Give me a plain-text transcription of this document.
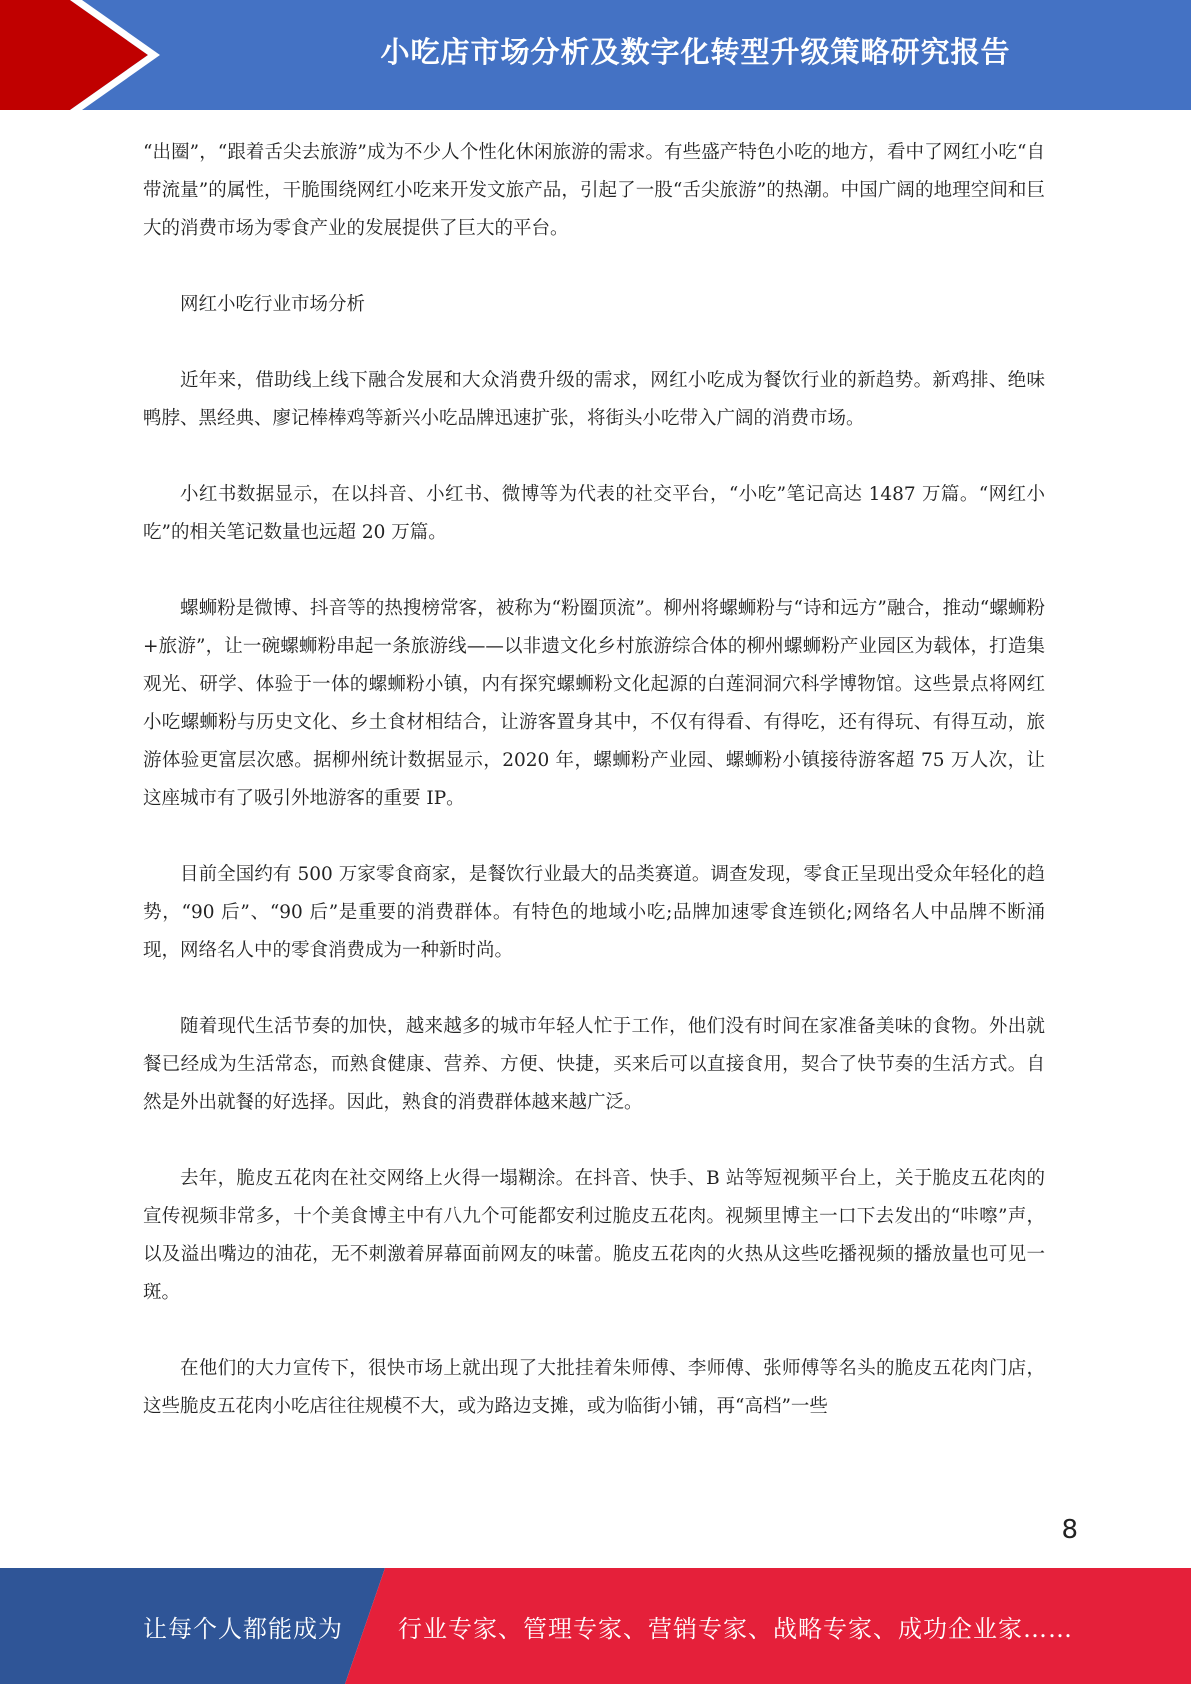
小吃店市场分析及数字化转型升级策略研究报告

“出圈”，“跟着舌尖去旅游”成为不少人个性化休闲旅游的需求。有些盛产特色小吃的地方，看中了网红小吃“自带流量”的属性，干脆围绕网红小吃来开发文旅产品，引起了一股“舌尖旅游”的热潮。中国广阔的地理空间和巨大的消费市场为零食产业的发展提供了巨大的平台。

网红小吃行业市场分析

近年来，借助线上线下融合发展和大众消费升级的需求，网红小吃成为餐饮行业的新趋势。新鸡排、绝味鸭脖、黑经典、廖记棒棒鸡等新兴小吃品牌迅速扩张，将街头小吃带入广阔的消费市场。

小红书数据显示，在以抖音、小红书、微博等为代表的社交平台，“小吃”笔记高达 1487 万篇。“网红小吃”的相关笔记数量也远超 20 万篇。

螺蛳粉是微博、抖音等的热搜榜常客，被称为“粉圈顶流”。柳州将螺蛳粉与“诗和远方”融合，推动“螺蛳粉+旅游”，让一碗螺蛳粉串起一条旅游线——以非遗文化乡村旅游综合体的柳州螺蛳粉产业园区为载体，打造集观光、研学、体验于一体的螺蛳粉小镇，内有探究螺蛳粉文化起源的白莲洞洞穴科学博物馆。这些景点将网红小吃螺蛳粉与历史文化、乡土食材相结合，让游客置身其中，不仅有得看、有得吃，还有得玩、有得互动，旅游体验更富层次感。据柳州统计数据显示，2020 年，螺蛳粉产业园、螺蛳粉小镇接待游客超 75 万人次，让这座城市有了吸引外地游客的重要 IP。

目前全国约有 500 万家零食商家，是餐饮行业最大的品类赛道。调查发现，零食正呈现出受众年轻化的趋势，“90 后”、“90 后”是重要的消费群体。有特色的地域小吃;品牌加速零食连锁化;网络名人中品牌不断涌现，网络名人中的零食消费成为一种新时尚。

随着现代生活节奏的加快，越来越多的城市年轻人忙于工作，他们没有时间在家准备美味的食物。外出就餐已经成为生活常态，而熟食健康、营养、方便、快捷，买来后可以直接食用，契合了快节奏的生活方式。自然是外出就餐的好选择。因此，熟食的消费群体越来越广泛。

去年，脆皮五花肉在社交网络上火得一塌糊涂。在抖音、快手、B 站等短视频平台上，关于脆皮五花肉的宣传视频非常多，十个美食博主中有八九个可能都安利过脆皮五花肉。视频里博主一口下去发出的“咔嚓”声，以及溢出嘴边的油花，无不刺激着屏幕面前网友的味蕾。脆皮五花肉的火热从这些吃播视频的播放量也可见一斑。

在他们的大力宣传下，很快市场上就出现了大批挂着朱师傅、李师傅、张师傅等名头的脆皮五花肉门店，这些脆皮五花肉小吃店往往规模不大，或为路边支摊，或为临街小铺，再“高档”一些

8
让每个人都能成为 行业专家、管理专家、营销专家、战略专家、成功企业家……
